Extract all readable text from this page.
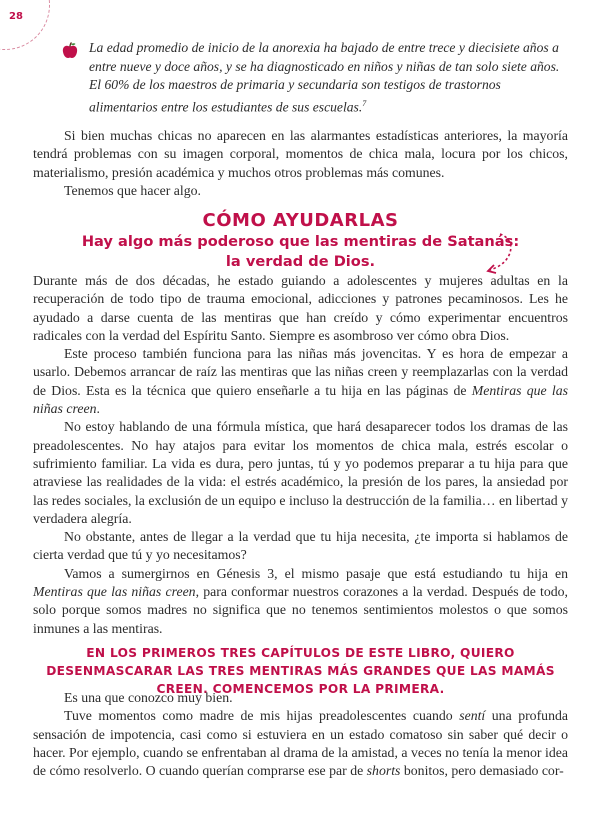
28

La edad promedio de inicio de la anorexia ha bajado de entre trece y diecisiete años a entre nueve y doce años, y se ha diagnosticado en niños y niñas de tan solo siete años. El 60% de los maestros de primaria y secundaria son testigos de trastornos alimentarios entre los estudiantes de sus escuelas.$^7$

Si bien muchas chicas no aparecen en las alarmantes estadísticas anteriores, la mayoría tendrá problemas con su imagen corporal, momentos de chica mala, locura por los chicos, materialismo, presión académica y muchos otros problemas más comunes.

Tenemos que hacer algo.

CÓMO AYUDARLAS
Hay algo más poderoso que las mentiras de Satanás:
la verdad de Dios.

Durante más de dos décadas, he estado guiando a adolescentes y mujeres adultas en la recuperación de todo tipo de trauma emocional, adicciones y patrones pecaminosos. Les he ayudado a darse cuenta de las mentiras que han creído y cómo experimentar encuentros radicales con la verdad del Espíritu Santo. Siempre es asombroso ver cómo obra Dios.

Este proceso también funciona para las niñas más jovencitas. Y es hora de empezar a usarlo. Debemos arrancar de raíz las mentiras que las niñas creen y reemplazarlas con la verdad de Dios. Esta es la técnica que quiero enseñarle a tu hija en las páginas de Mentiras que las niñas creen.

No estoy hablando de una fórmula mística, que hará desaparecer todos los dramas de las preadolescentes. No hay atajos para evitar los momentos de chica mala, estrés escolar o sufrimiento familiar. La vida es dura, pero juntas, tú y yo podemos preparar a tu hija para que atraviese las realidades de la vida: el estrés académico, la presión de los pares, la ansiedad por las redes sociales, la exclusión de un equipo e incluso la destrucción de la familia… en libertad y verdadera alegría.

No obstante, antes de llegar a la verdad que tu hija necesita, ¿te importa si hablamos de cierta verdad que tú y yo necesitamos?

Vamos a sumergirnos en Génesis 3, el mismo pasaje que está estudiando tu hija en Mentiras que las niñas creen, para conformar nuestros corazones a la verdad. Después de todo, solo porque somos madres no significa que no tenemos sentimientos molestos o que somos inmunes a las mentiras.

EN LOS PRIMEROS TRES CAPÍTULOS DE ESTE LIBRO, QUIERO DESENMASCARAR LAS TRES MENTIRAS MÁS GRANDES QUE LAS MAMÁS CREEN. COMENCEMOS POR LA PRIMERA.

Es una que conozco muy bien.

Tuve momentos como madre de mis hijas preadolescentes cuando sentí una profunda sensación de impotencia, casi como si estuviera en un estado comatoso sin saber qué decir o hacer. Por ejemplo, cuando se enfrentaban al drama de la amistad, a veces no tenía la menor idea de cómo resolverlo. O cuando querían comprarse ese par de shorts bonitos, pero demasiado cor-
